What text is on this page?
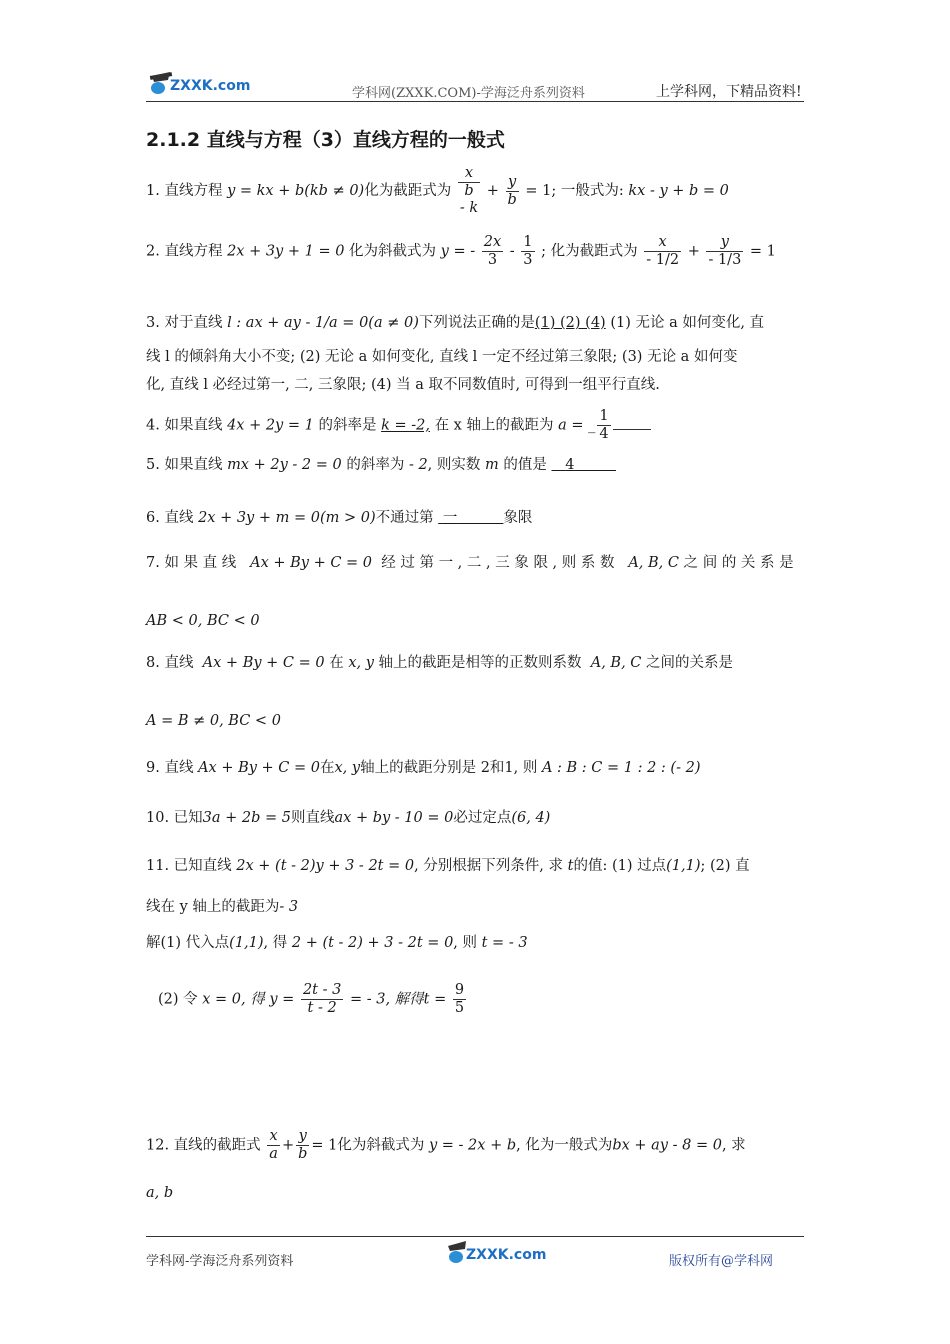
ZXXK.com	学科网(ZXXK.COM)-学海泛舟系列资料	上学科网，下精品资料!
2.1.2 直线与方程（3）直线方程的一般式
1. 直线方程 y = kx + b(kb ≠ 0)化为截距式为
x
b
- k
+ $\frac{y}{b} = 1$; 一般式为: kx - y + b = 0
2. 直线方程 2x + 3y + 1 = 0 化为斜截式为 y = - $\frac{2x}{3} - \frac{1}{3}$ ; 化为截距式为 $\frac{x}{- 1/2} + \frac{y}{- 1/3} = 1$
3. 对于直线 l : ax + ay - 1/a = 0(a ≠ 0)下列说法正确的是(1) (2) (4) (1) 无论 a 如何变化, 直
线 l 的倾斜角大小不变; (2) 无论 a 如何变化, 直线 l 一定不经过第三象限; (3) 无论 a 如何变
化, 直线 l 必经过第一, 二, 三象限; (4) 当 a 取不同数值时, 可得到一组平行直线.
4. 如果直线 4x + 2y = 1 的斜率是 k = -2, 在 x 轴上的截距为 a = _ $\frac{1}{4}$
5. 如果直线 mx + 2y - 2 = 0 的斜率为 - 2, 则实数 m 的值是 4
6. 直线 2x + 3y + m = 0(m > 0)不通过第 一	象限
7. 如 果 直 线 Ax + By + C = 0 经 过 第 一 , 二 , 三 象 限 , 则 系 数 A, B, C 之 间 的 关 系 是
AB < 0, BC < 0
8. 直线 Ax + By + C = 0 在 x, y 轴上的截距是相等的正数则系数 A, B, C 之间的关系是
A = B ≠ 0, BC < 0
9. 直线 Ax + By + C = 0在x, y轴上的截距分别是 2和1, 则 A : B : C = 1 : 2 : (- 2)
10. 已知3a + 2b = 5则直线ax + by - 10 = 0必过定点(6, 4)
11. 已知直线 2x + (t - 2)y + 3 - 2t = 0, 分别根据下列条件, 求 t的值: (1) 过点(1,1); (2) 直
线在 y 轴上的截距为- 3
解(1) 代入点(1,1), 得 2 + (t - 2) + 3 - 2t = 0, 则 t = - 3
(2) 令 x = 0, 得 $y = \frac{2t - 3}{t - 2}$ = - 3, 解得$t = \frac{9}{5}$
12. 直线的截距式 $\frac{x}{a} + \frac{y}{b} = 1$化为斜截式为 y = - 2x + b, 化为一般式为bx + ay - 8 = 0, 求
a, b
学科网-学海泛舟系列资料	ZXXK.com	版权所有@学科网
